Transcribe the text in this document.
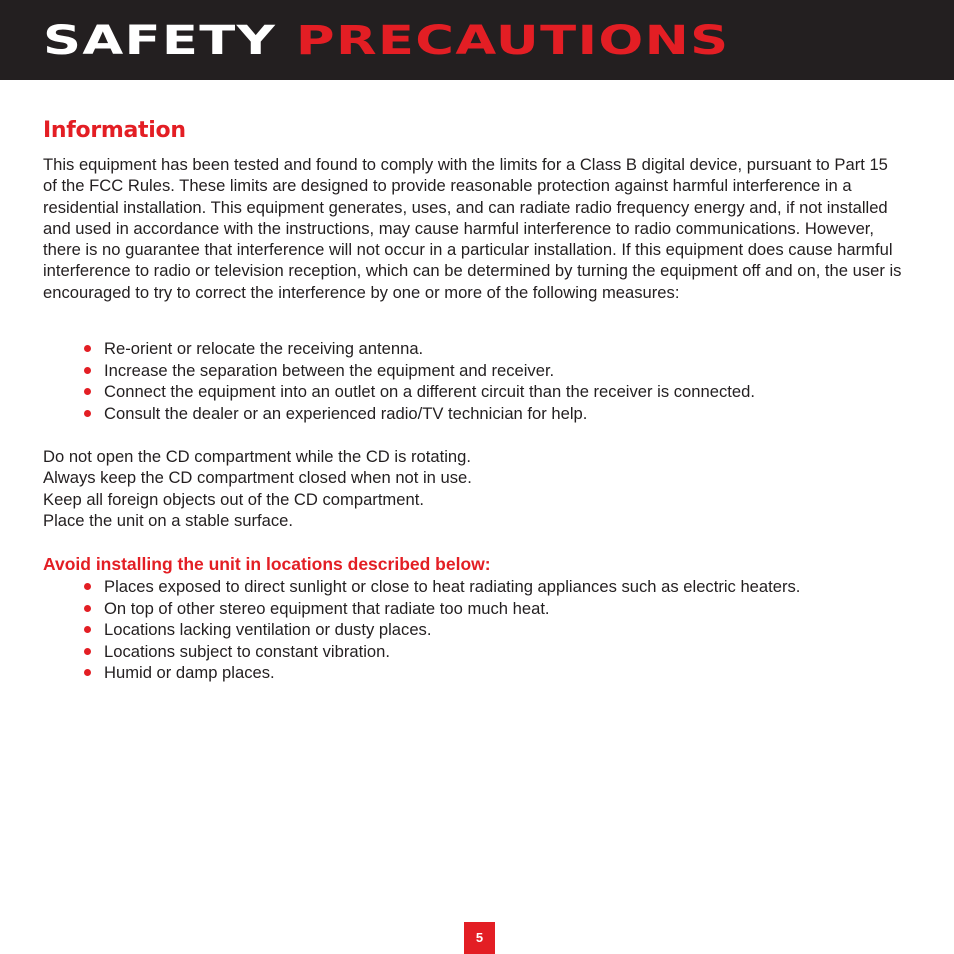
SAFETY PRECAUTIONS
Information

This equipment has been tested and found to comply with the limits for a Class B digital device, pursuant to Part 15 of the FCC Rules. These limits are designed to provide reasonable protection against harmful interference in a residential installation. This equipment generates, uses, and can radiate radio frequency energy and, if not installed and used in accordance with the instructions, may cause harmful interference to radio communications. However, there is no guarantee that interference will not occur in a particular installation. If this equipment does cause harmful interference to radio or television reception, which can be determined by turning the equipment off and on, the user is encouraged to try to correct the interference by one or more of the following measures:

Re-orient or relocate the receiving antenna.
Increase the separation between the equipment and receiver.
Connect the equipment into an outlet on a different circuit than the receiver is connected.
Consult the dealer or an experienced radio/TV technician for help.
Do not open the CD compartment while the CD is rotating.
Always keep the CD compartment closed when not in use.
Keep all foreign objects out of the CD compartment.
Place the unit on a stable surface.
Avoid installing the unit in locations described below:
Places exposed to direct sunlight or close to heat radiating appliances such as electric heaters.
On top of other stereo equipment that radiate too much heat.
Locations lacking ventilation or dusty places.
Locations subject to constant vibration.
Humid or damp places.
5
